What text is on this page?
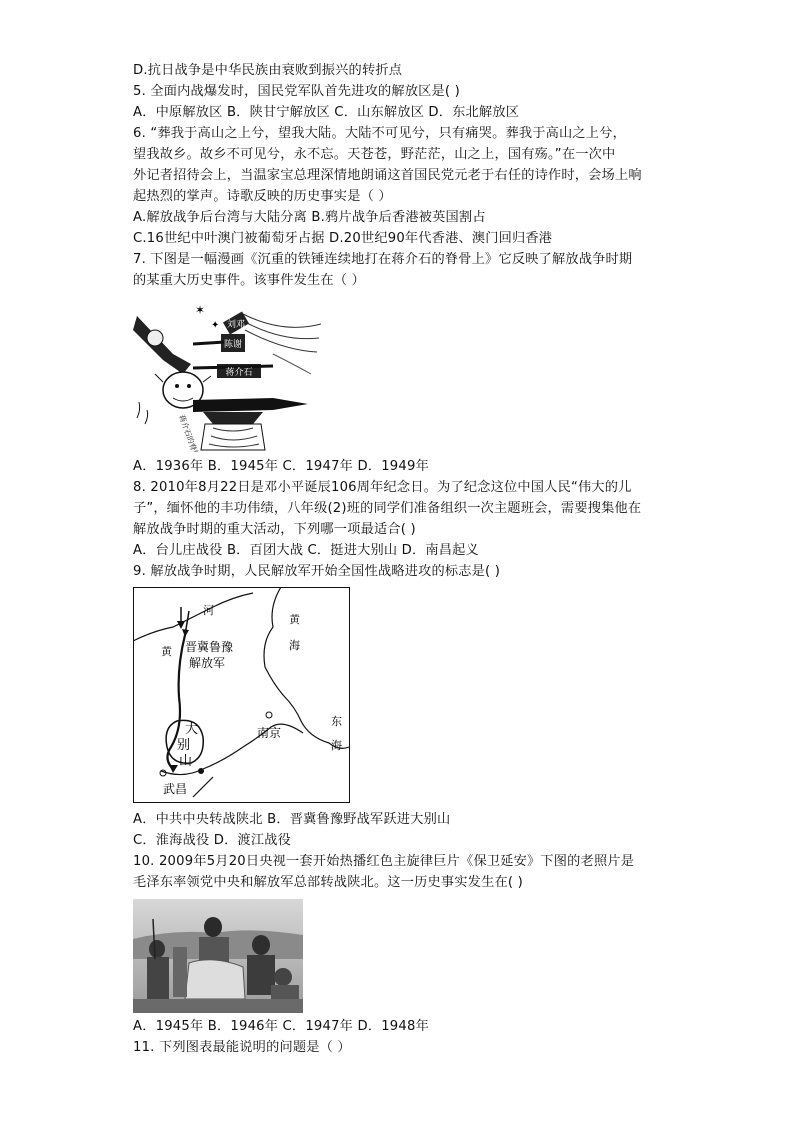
D.抗日战争是中华民族由衰败到振兴的转折点
5. 全面内战爆发时，国民党军队首先进攻的解放区是( )
A．中原解放区 B．陕甘宁解放区 C．山东解放区 D．东北解放区
6. “葬我于高山之上兮，望我大陆。大陆不可见兮，只有痛哭。葬我于高山之上兮，
望我故乡。故乡不可见兮，永不忘。天苍苍，野茫茫，山之上，国有殇。”在一次中
外记者招待会上，当温家宝总理深情地朗诵这首国民党元老于右任的诗作时，会场上响
起热烈的掌声。诗歌反映的历史事实是（ ）
A.解放战争后台湾与大陆分离 B.鸦片战争后香港被英国割占
C.16世纪中叶澳门被葡萄牙占据 D.20世纪90年代香港、澳门回归香港
7. 下图是一幅漫画《沉重的铁锤连续地打在蒋介石的脊骨上》它反映了解放战争时期
的某重大历史事件。该事件发生在（ ）
刘邓
陈谢
蒋介石
✶
✦
蒋介石的脊梁
A．1936年 B．1945年 C．1947年 D．1949年
8. 2010年8月22日是邓小平诞辰106周年纪念日。为了纪念这位中国人民“伟大的儿
子”，缅怀他的丰功伟绩，八年级(2)班的同学们准备组织一次主题班会，需要搜集他在
解放战争时期的重大活动，下列哪一项最适合( )
A．台儿庄战役 B．百团大战 C．挺进大别山 D．南昌起义
9. 解放战争时期，人民解放军开始全国性战略进攻的标志是( )
河
黄 晋冀鲁豫
解放军
黄
海
大
别
山
南京
东
海
武昌
A．中共中央转战陕北 B．晋冀鲁豫野战军跃进大别山
C．淮海战役 D．渡江战役
10. 2009年5月20日央视一套开始热播红色主旋律巨片《保卫延安》下图的老照片是
毛泽东率领党中央和解放军总部转战陕北。这一历史事实发生在( )
A．1945年 B．1946年 C．1947年 D．1948年
11. 下列图表最能说明的问题是（ ）
